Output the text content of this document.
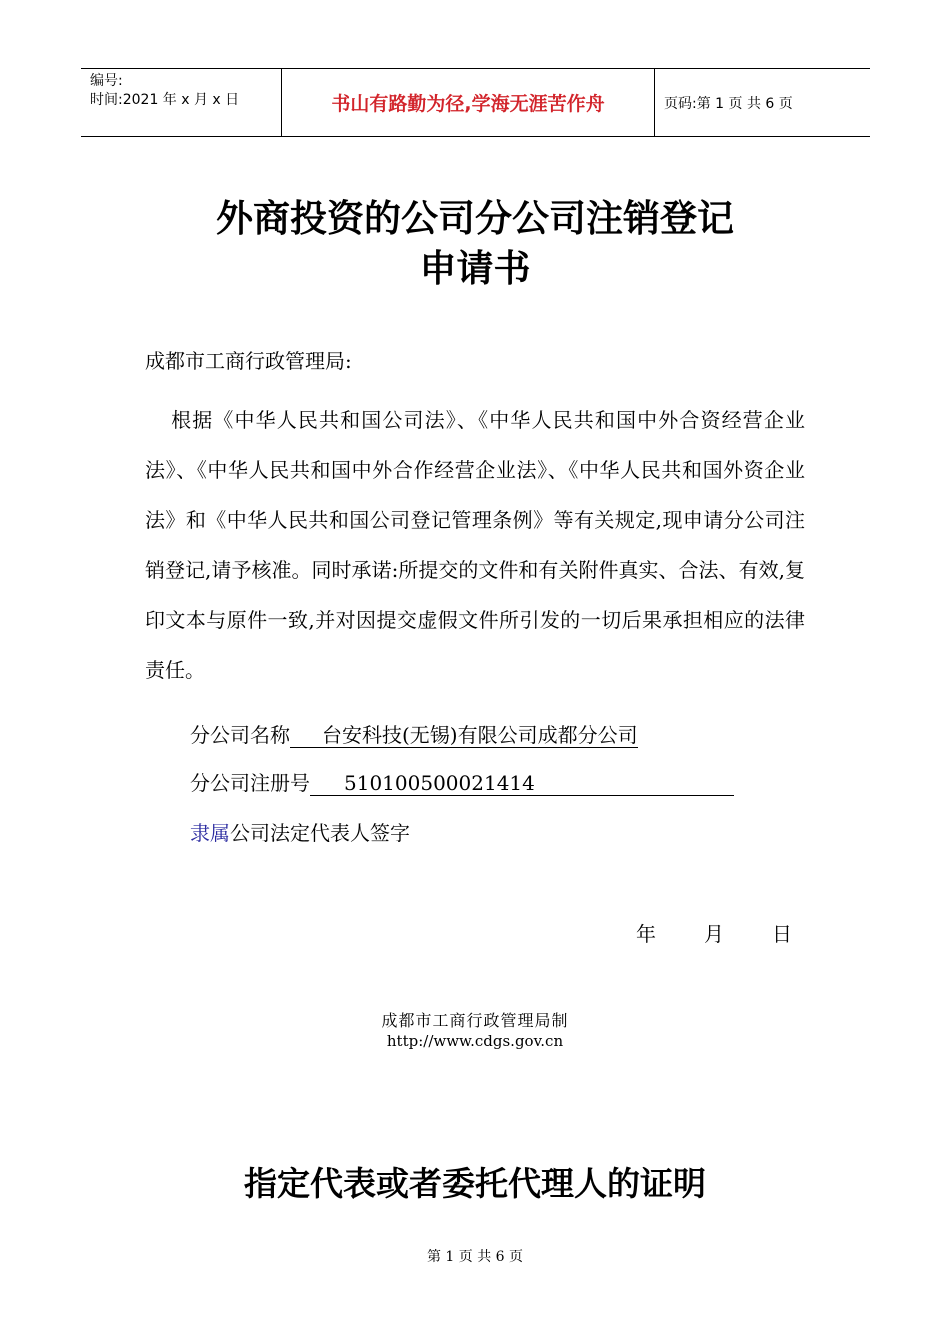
编号:
时间:2021 年 x 月 x 日	书山有路勤为径,学海无涯苦作舟	页码:第 1 页 共 6 页
外商投资的公司分公司注销登记
申请书
成都市工商行政管理局:

根据《中华人民共和国公司法》、《中华人民共和国中外合资经营企业法》、《中华人民共和国中外合作经营企业法》、《中华人民共和国外资企业法》和《中华人民共和国公司登记管理条例》等有关规定,现申请分公司注销登记,请予核准。同时承诺:所提交的文件和有关附件真实、合法、有效,复印文本与原件一致,并对因提交虚假文件所引发的一切后果承担相应的法律责任。

分公司名称 台安科技(无锡)有限公司成都分公司
分公司注册号 510100500021414
隶属公司法定代表人签字
年 月 日
成都市工商行政管理局制
http://www.cdgs.gov.cn
指定代表或者委托代理人的证明
第 1 页 共 6 页
